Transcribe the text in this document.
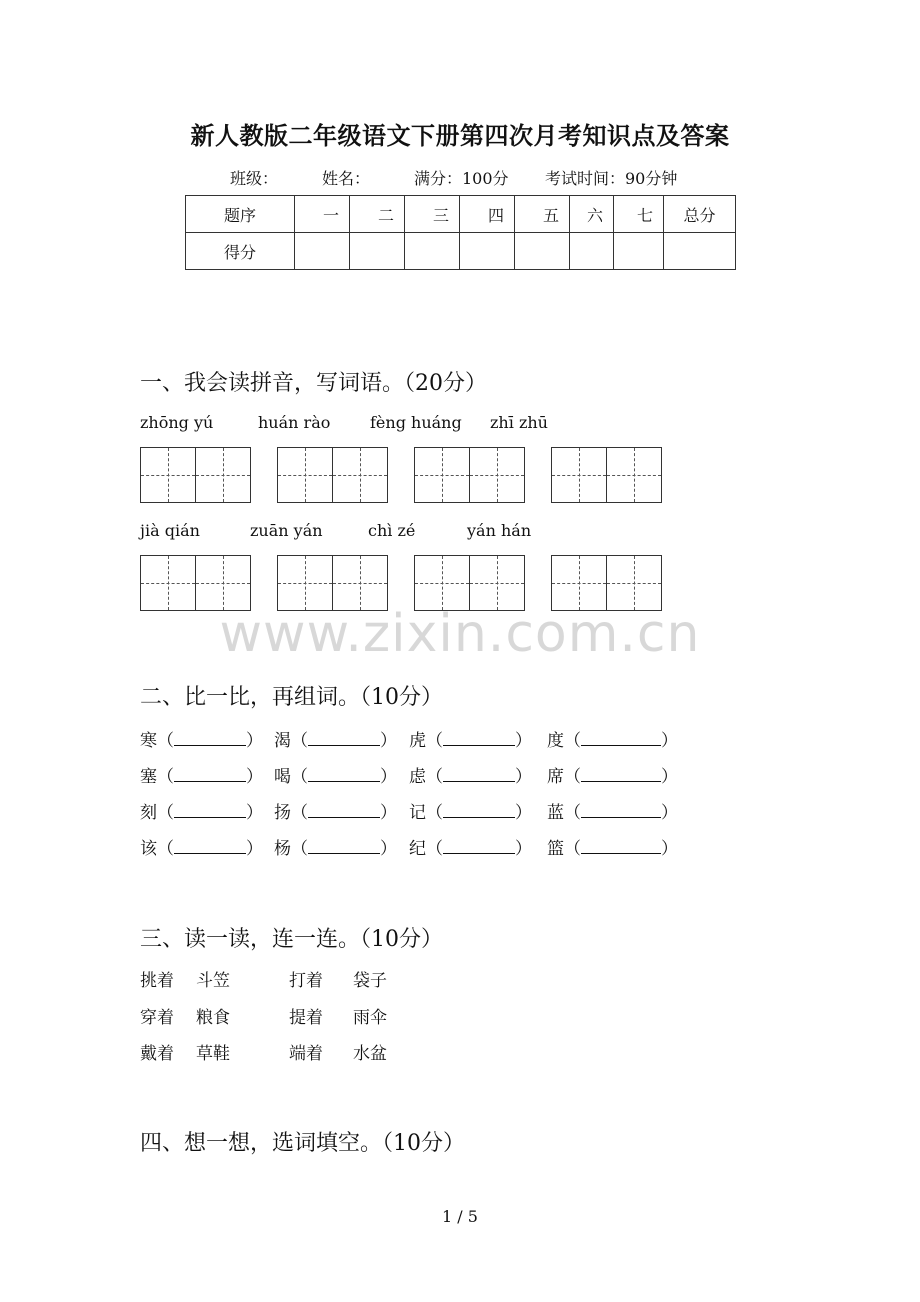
新人教版二年级语文下册第四次月考知识点及答案
班级：	姓名：	满分：100分 考试时间：90分钟
题序	一	二	三	四	五	六	七	总分
得分								
一、我会读拼音，写词语。（20分）
zhōng yú	huán rào fèng huáng zhī zhū
jià qián	zuān yán	chì zé	yán hán
www.zixin.com.cn
二、比一比，再组词。（10分）
寒（	） 渴（	） 虎（	） 度（	）
塞（	） 喝（	） 虑（	） 席（	）
刻（	） 扬（	） 记（	） 蓝（	）
该（	） 杨（	） 纪（	） 篮（	）
三、读一读，连一连。（10分）
挑着 斗笠	打着 袋子
穿着 粮食	提着 雨伞
戴着 草鞋	端着 水盆
四、想一想，选词填空。（10分）
1 / 5
